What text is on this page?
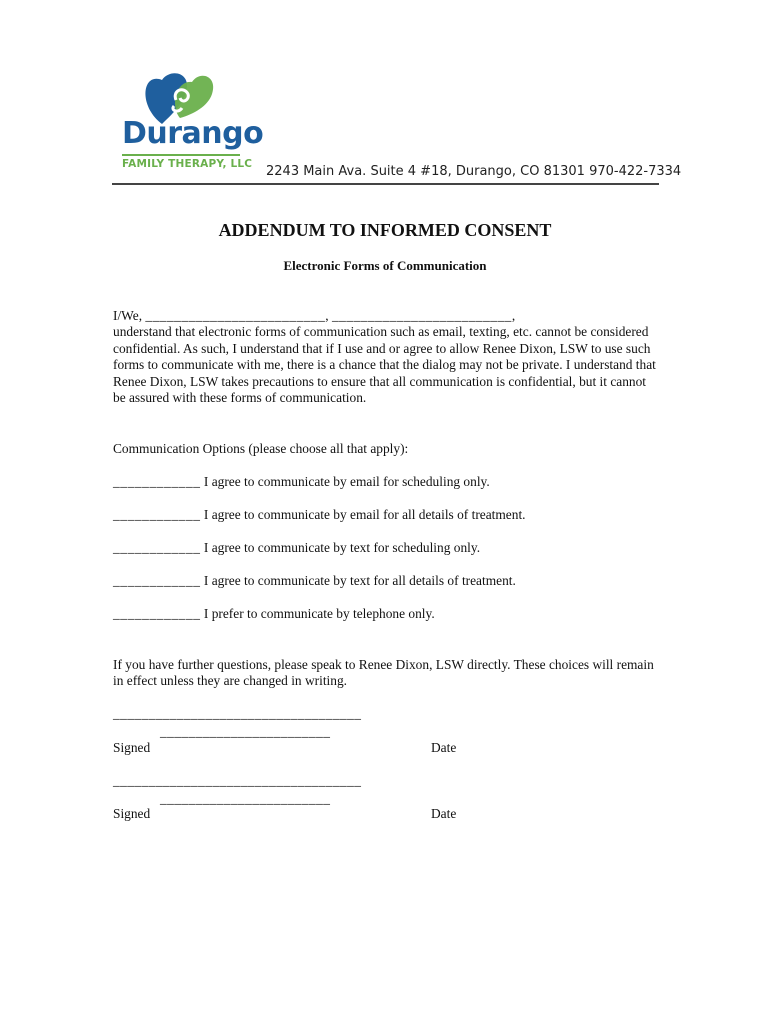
Durango
FAMILY THERAPY, LLC 2243 Main Ava. Suite 4 #18, Durango, CO 81301 970-422-7334
ADDENDUM TO INFORMED CONSENT
Electronic Forms of Communication
I/We, _________________________, _________________________,
understand that electronic forms of communication such as email, texting, etc. cannot be considered confidential. As such, I understand that if I use and or agree to allow Renee Dixon, LSW to use such forms to communicate with me, there is a chance that the dialog may not be private. I understand that Renee Dixon, LSW takes precautions to ensure that all communication is confidential, but it cannot be assured with these forms of communication.
Communication Options (please choose all that apply):
____________ I agree to communicate by email for scheduling only.
____________ I agree to communicate by email for all details of treatment.
____________ I agree to communicate by text for scheduling only.
____________ I agree to communicate by text for all details of treatment.
____________ I prefer to communicate by telephone only.
If you have further questions, please speak to Renee Dixon, LSW directly. These choices will remain in effect unless they are changed in writing.
___________________________________
________________________
Signed	Date
___________________________________
________________________
Signed	Date
